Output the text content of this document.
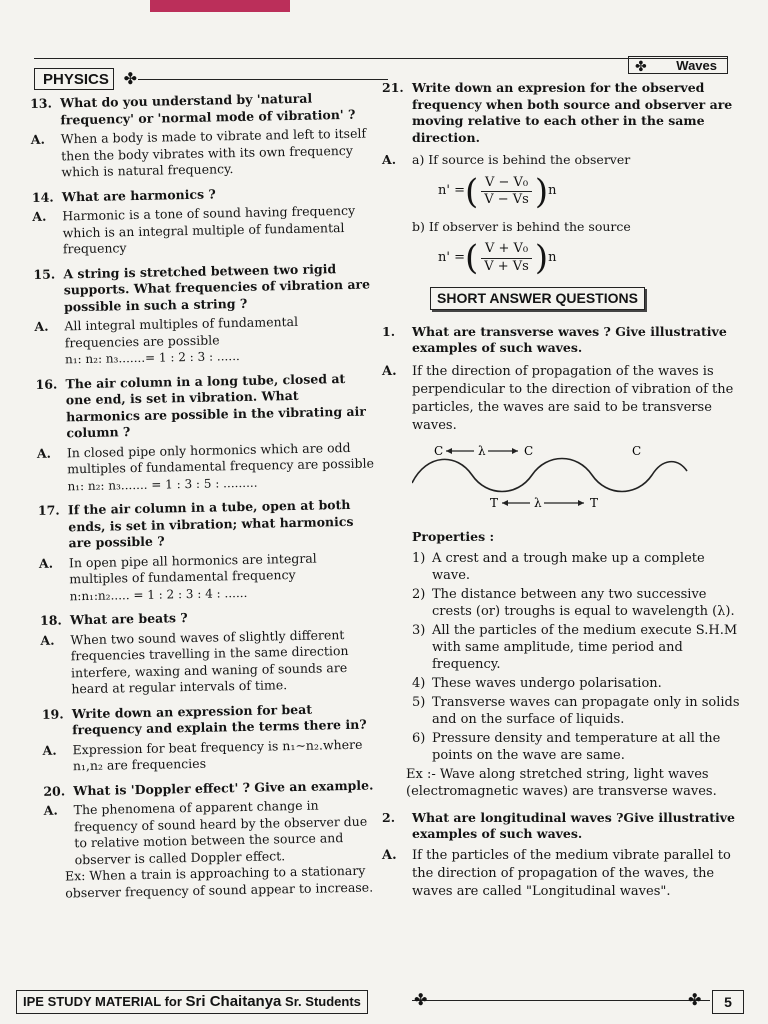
PHYSICS ✤
✤ Waves
13. What do you understand by 'natural frequency' or 'normal mode of vibration' ?
A.	When a body is made to vibrate and left to itself then the body vibrates with its own frequency which is natural frequency.
14. What are harmonics ?
A.	Harmonic is a tone of sound having frequency which is an integral multiple of fundamental frequency
15. A string is stretched between two rigid supports. What frequencies of vibration are possible in such a string ?
A.	All integral multiples of fundamental frequencies are possible
n₁: n₂: n₃.......= 1 : 2 : 3 : ......
16. The air column in a long tube, closed at one end, is set in vibration. What harmonics are possible in the vibrating air column ?
A.	In closed pipe only hormonics which are odd multiples of fundamental frequency are possible
n₁: n₂: n₃....... = 1 : 3 : 5 : .........
17. If the air column in a tube, open at both ends, is set in vibration; what harmonics are possible ?
A.	In open pipe all hormonics are integral multiples of fundamental frequency
n:n₁:n₂..... = 1 : 2 : 3 : 4 : ......
18. What are beats ?
A.	When two sound waves of slightly different frequencies travelling in the same direction interfere, waxing and waning of sounds are heard at regular intervals of time.
19. Write down an expression for beat frequency and explain the terms there in?
A.	Expression for beat frequency is n₁~n₂.where n₁,n₂ are frequencies
20. What is 'Doppler effect' ? Give an example.
A.	The phenomena of apparent change in frequency of sound heard by the observer due to relative motion between the source and observer is called Doppler effect.
Ex: When a train is approaching to a stationary observer frequency of sound appear to increase.
21. Write down an expresion for the observed frequency when both source and observer are moving relative to each other in the same direction.
A.	a) If source is behind the observer
n' = ( $\frac{\text{V − V₀}}{V - Vs}$ ) n
b) If observer is behind the source
n' = ( $\frac{\text{V + V₀}}{V + Vs}$ ) n
SHORT ANSWER QUESTIONS
1.	What are transverse waves ? Give illustrative examples of such waves.
A.	If the direction of propagation of the waves is perpendicular to the direction of vibration of the particles, the waves are said to be transverse waves.
C	λ	C	C
T	λ	T
Properties :
1) A crest and a trough make up a complete wave.
2) The distance between any two successive crests (or) troughs is equal to wavelength (λ).
3) All the particles of the medium execute S.H.M with same amplitude, time period and frequency.
4) These waves undergo polarisation.
5) Transverse waves can propagate only in solids and on the surface of liquids.
6) Pressure density and temperature at all the points on the wave are same.
Ex :- Wave along stretched string, light waves (electromagnetic waves) are transverse waves.
2.	What are longitudinal waves ?Give illustrative examples of such waves.
A.	If the particles of the medium vibrate parallel to the direction of propagation of the waves, the waves are called "Longitudinal waves".
IPE STUDY MATERIAL for Sri Chaitanya Sr. Students	✤	✤	5
